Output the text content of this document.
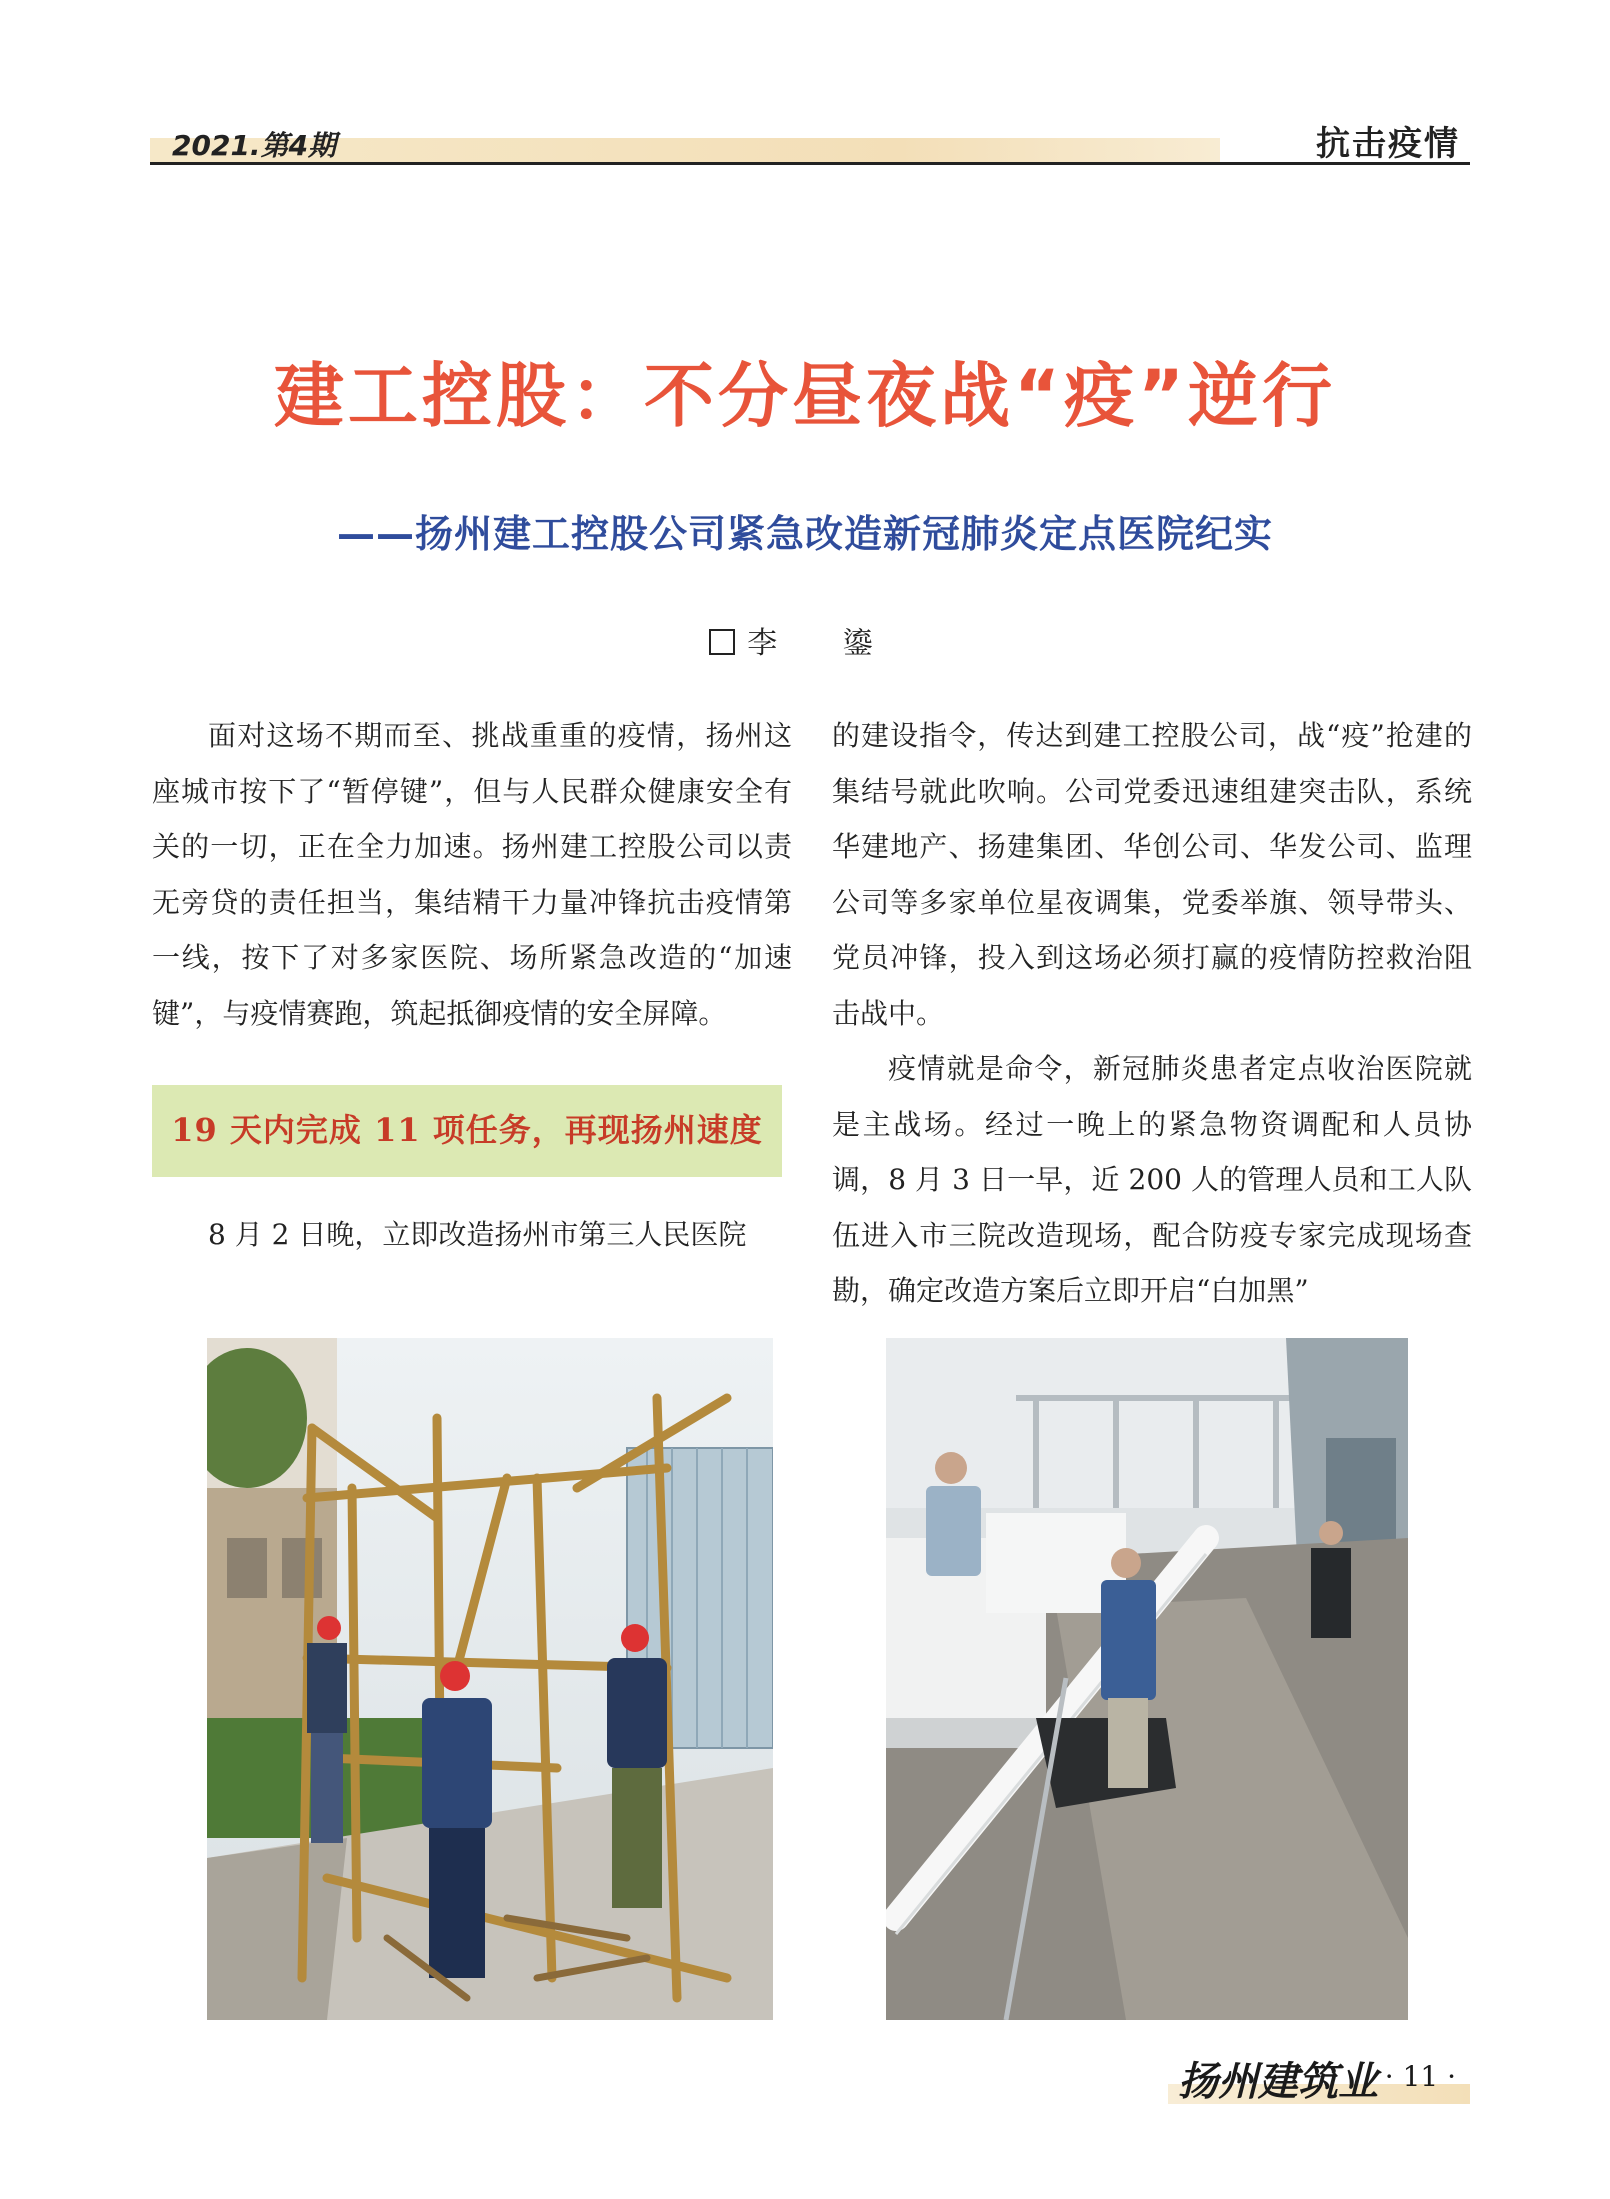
2021.第4期	抗击疫情
建工控股：不分昼夜战“疫”逆行
——扬州建工控股公司紧急改造新冠肺炎定点医院纪实
李 鎏

面对这场不期而至、挑战重重的疫情，扬州这座城市按下了“暂停键”，但与人民群众健康安全有关的一切，正在全力加速。扬州建工控股公司以责无旁贷的责任担当，集结精干力量冲锋抗击疫情第一线，按下了对多家医院、场所紧急改造的“加速键”，与疫情赛跑，筑起抵御疫情的安全屏障。

19 天内完成 11 项任务，再现扬州速度

8 月 2 日晚，立即改造扬州市第三人民医院

的建设指令，传达到建工控股公司，战“疫”抢建的集结号就此吹响。公司党委迅速组建突击队，系统华建地产、扬建集团、华创公司、华发公司、监理公司等多家单位星夜调集，党委举旗、领导带头、党员冲锋，投入到这场必须打赢的疫情防控救治阻击战中。

疫情就是命令，新冠肺炎患者定点收治医院就是主战场。经过一晚上的紧急物资调配和人员协调，8 月 3 日一早，近 200 人的管理人员和工人队伍进入市三院改造现场，配合防疫专家完成现场查勘，确定改造方案后立即开启“白加黑”

扬州建筑业 · 11 ·
